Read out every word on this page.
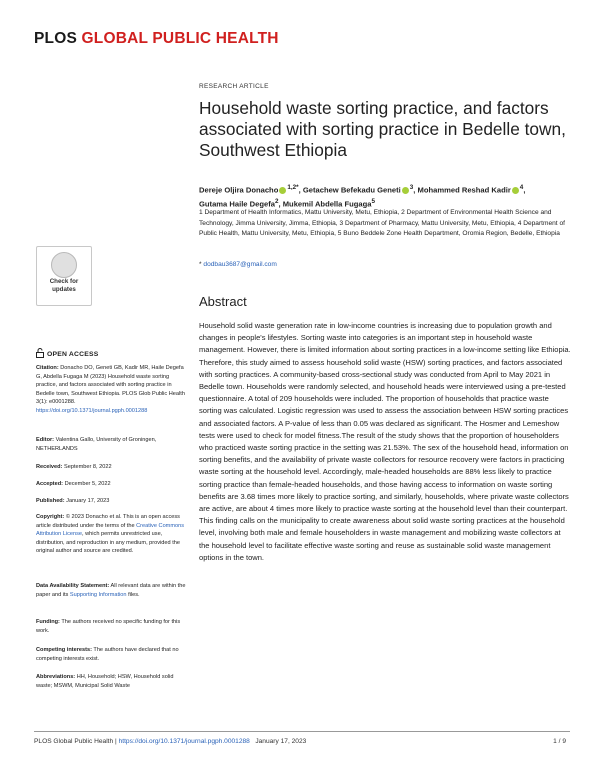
PLOS GLOBAL PUBLIC HEALTH
RESEARCH ARTICLE
Household waste sorting practice, and factors associated with sorting practice in Bedelle town, Southwest Ethiopia
Dereje Oljira Donacho $^{1,2*}$, Getachew Befekadu Geneti $^3$, Mohammed Reshad Kadir $^4$,
Gutama Haile Degefa$^2$, Mukemil Abdella Fugaga$^5$
1 Department of Health Informatics, Mattu University, Metu, Ethiopia, 2 Department of Environmental Health Science and Technology, Jimma University, Jimma, Ethiopia, 3 Department of Pharmacy, Mattu University, Metu, Ethiopia, 4 Department of Public Health, Mattu University, Metu, Ethiopia, 5 Buno Beddele Zone Health Department, Oromia Region, Bedelle, Ethiopia
* dodbau3687@gmail.com
Abstract

Household solid waste generation rate in low-income countries is increasing due to population growth and changes in people's lifestyles. Sorting waste into categories is an important step in household waste management. However, there is limited information about sorting practices in a low-income setting like Ethiopia. Therefore, this study aimed to assess household solid waste (HSW) sorting practices, and factors associated with sorting practices. A community-based cross-sectional study was conducted from April to May 2021 in Bedelle town. Households were randomly selected, and household heads were interviewed using a pre-tested questionnaire. A total of 209 households were included. The proportion of households that practice waste sorting was calculated. Logistic regression was used to assess the association between HSW sorting practices and associated factors. A P-value of less than 0.05 was declared as significant. The Hosmer and Lemeshow tests were used to check for model fitness.The result of the study shows that the proportion of householders who practiced waste sorting practice in the setting was 21.53%. The sex of the household head, information on sorting benefits, and the availability of private waste collectors for resource recovery were factors in practicing waste sorting at the household level. Accordingly, male-headed households are 88% less likely to practice sorting practice than female-headed households, and those having access to information on waste sorting benefits are 3.68 times more likely to practice sorting, and similarly, households, where private waste collectors are active, are about 4 times more likely to practice waste sorting at the household level than their counterpart. This finding calls on the municipality to create awareness about solid waste sorting practices at the household level, involving both male and female householders in waste management and mobilizing waste collectors at the household level to facilitate effective waste sorting and reuse as sustainable solid waste management options in the town.

Check for
updates
OPEN ACCESS
Citation: Donacho DO, Geneti GB, Kadir MR, Haile Degefa G, Abdella Fugaga M (2023) Household waste sorting practice, and factors associated with sorting practice in Bedelle town, Southwest Ethiopia. PLOS Glob Public Health 3(1): e0001288. https://doi.org/10.1371/journal.pgph.0001288
Editor: Valentina Gallo, University of Groningen, NETHERLANDS
Received: September 8, 2022
Accepted: December 5, 2022
Published: January 17, 2023
Copyright: © 2023 Donacho et al. This is an open access article distributed under the terms of the Creative Commons Attribution License, which permits unrestricted use, distribution, and reproduction in any medium, provided the original author and source are credited.
Data Availability Statement: All relevant data are within the paper and its Supporting Information files.
Funding: The authors received no specific funding for this work.
Competing interests: The authors have declared that no competing interests exist.
Abbreviations: HH, Household; HSW, Household solid waste; MSWM, Municipal Solid Waste
PLOS Global Public Health | https://doi.org/10.1371/journal.pgph.0001288 January 17, 2023	1 / 9
